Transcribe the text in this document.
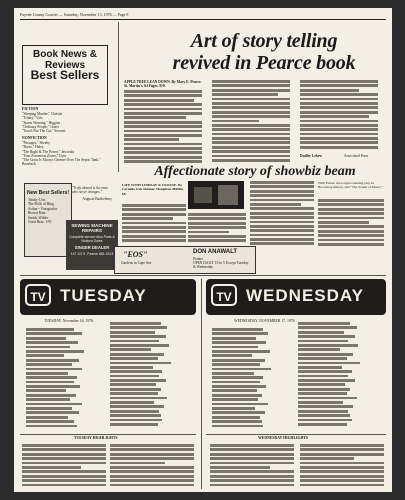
Fayette County Courier — Saturday, November 13, 1976 — Page 9
Book News & Reviews
Best Sellers
FICTION
"Sleeping Murder," Christie
"Trinity," Uris
"Storm Warning," Higgins
"Ordinary People," Guest
"Touch Not The Cat," Stewart
NONFICTION
"Passages," Sheehy
"Roots," Haley
"The Right & The Power," Jaworski
"Your Erroneous Zones," Dyer
"The Grass Is Always Greener Over The Septic Tank," Bombeck
New Best Sellers!
Trinity-Uris
The Rolls of Ring
Arthur - Vinogradov
Brown Rain
Smith, Wilder
Great Braz. 1/91
"Truly absurd is the man who never changes."
Auguste Barthelemy
SEWING MACHINE REPAIRS
Complete service Also Parts & Notions Sales
SINGER DEALER
147 1/2 S. Pearce 881-1513
Art of story telling
revived in Pearce book
APPLE TREE LEAN DOWN. By Mary E. Pearce. St. Martin's. 64 Pages. $10.
Dudley Lehew	Associated Press
Affectionate story of showbiz beam
LIFE WITH LINDSAY & CROUSE. By Cornelia Otis Skinner. Houghton Mifflin. $8.
With Father, the longest running play in Broadway history, and "The Sound of Music."
"EOS"
Gardens in Cape Ave
DON ANAWALT
Potters
OPEN DAILY 10 to 5 Except Tuesday & Wednesday
TV TUESDAY	TV WEDNESDAY
TUESDAY, November 16, 1976	WEDNESDAY, NOVEMBER 17, 1976
TUESDAY HIGHLIGHTS	WEDNESDAY HIGHLIGHTS
